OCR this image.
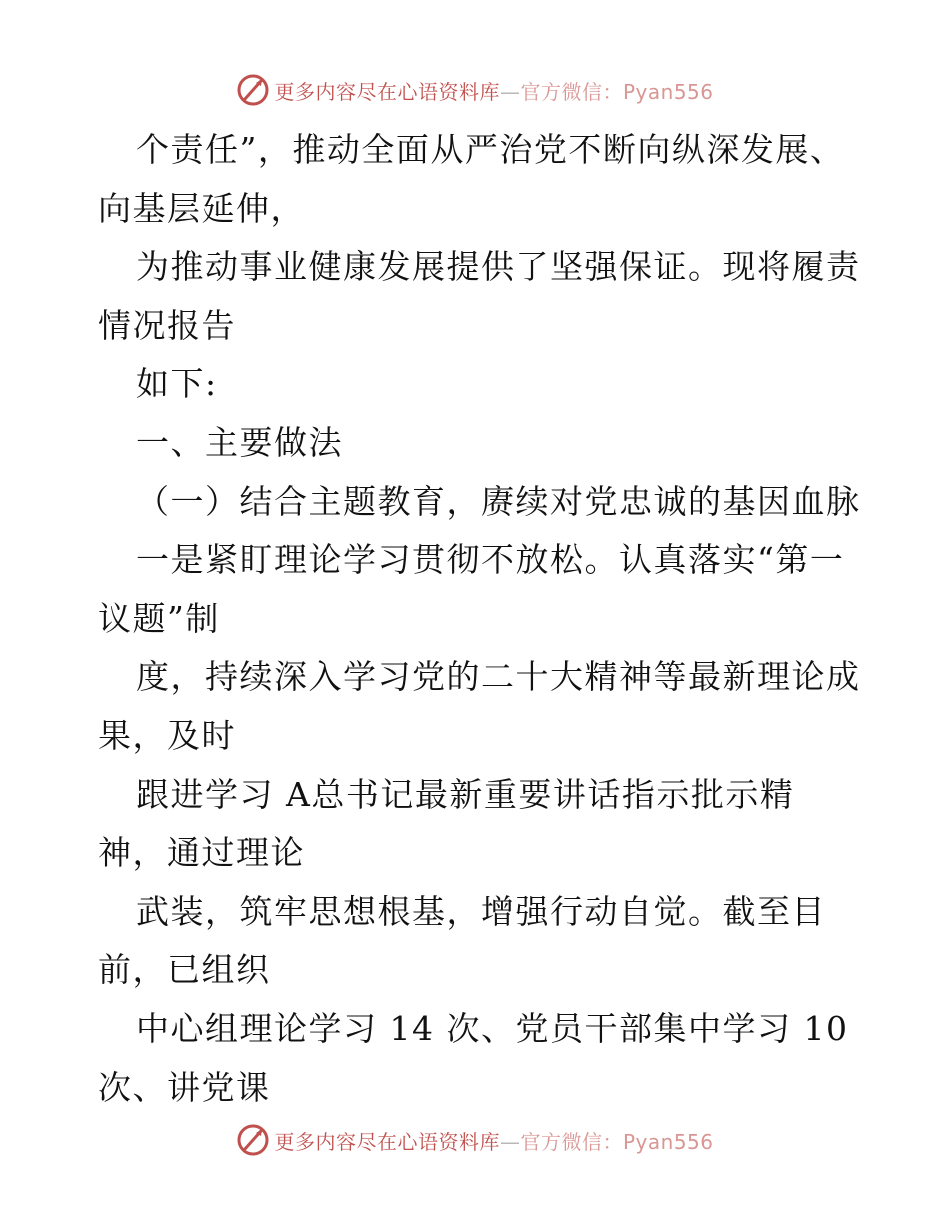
更多内容尽在心语资料库—官方微信：Pyan556
个责任”，推动全面从严治党不断向纵深发展、
向基层延伸，
为推动事业健康发展提供了坚强保证。现将履责
情况报告
如下:
一、主要做法
（一）结合主题教育，赓续对党忠诚的基因血脉
一是紧盯理论学习贯彻不放松。认真落实“第一
议题”制
度，持续深入学习党的二十大精神等最新理论成
果，及时
跟进学习 A总书记最新重要讲话指示批示精
神，通过理论
武装，筑牢思想根基，增强行动自觉。截至目
前，已组织
中心组理论学习 14 次、党员干部集中学习 10
次、讲党课
更多内容尽在心语资料库—官方微信：Pyan556
